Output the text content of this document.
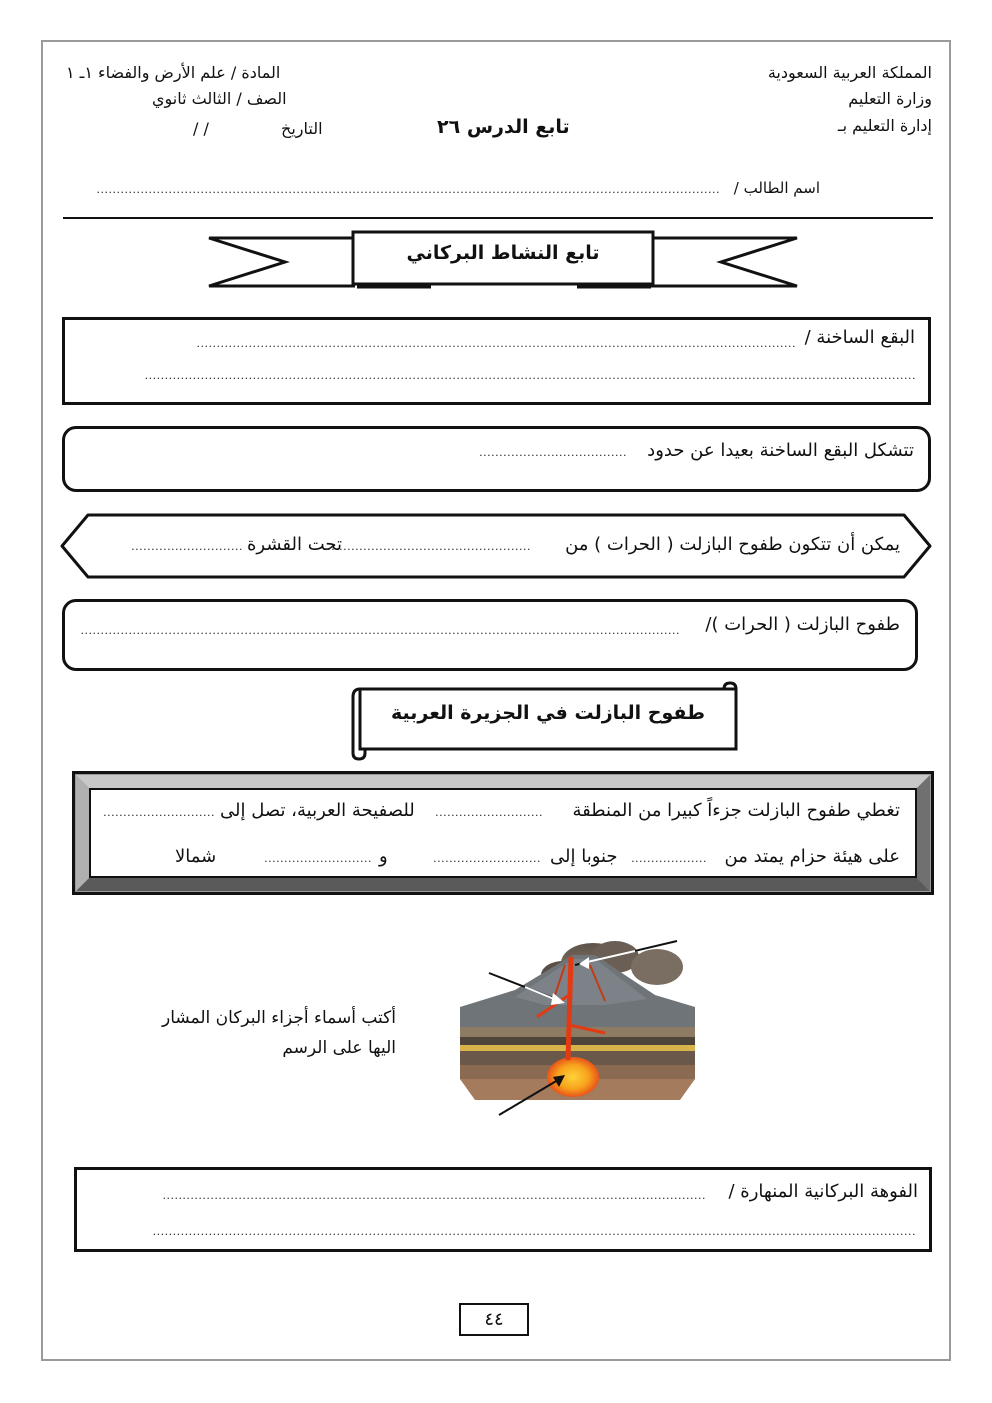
المملكة العربية السعودية
وزارة التعليم
إدارة التعليم بـ
المادة / علم الأرض والفضاء ١ـ ١
الصف / الثالث ثانوي
التاريخ
/ /	تابع الدرس ٢٦
اسم الطالب /
............................................................................................................................................................
تابع النشاط البركاني
البقع الساخنة /
......................................................................................................................................................
.................................................................................................................................................................................................
تتشكل البقع الساخنة بعيدا عن حدود
.....................................
يمكن أن تتكون طفوح البازلت ( الحرات ) من
...................................................
تحت القشرة
............................
طفوح البازلت ( الحرات )/
......................................................................................................................................................
طفوح البازلت في الجزيرة العربية
تغطي طفوح البازلت جزءاً كبيرا من المنطقة
...........................
للصفيحة العربية، تصل إلى
............................
على هيئة حزام يمتد من
...................
جنوبا إلى
...........................
و
...........................
شمالا
أكتب أسماء أجزاء البركان المشار
اليها على الرسم
الفوهة البركانية المنهارة /
........................................................................................................................................
...............................................................................................................................................................................................
٤٤
